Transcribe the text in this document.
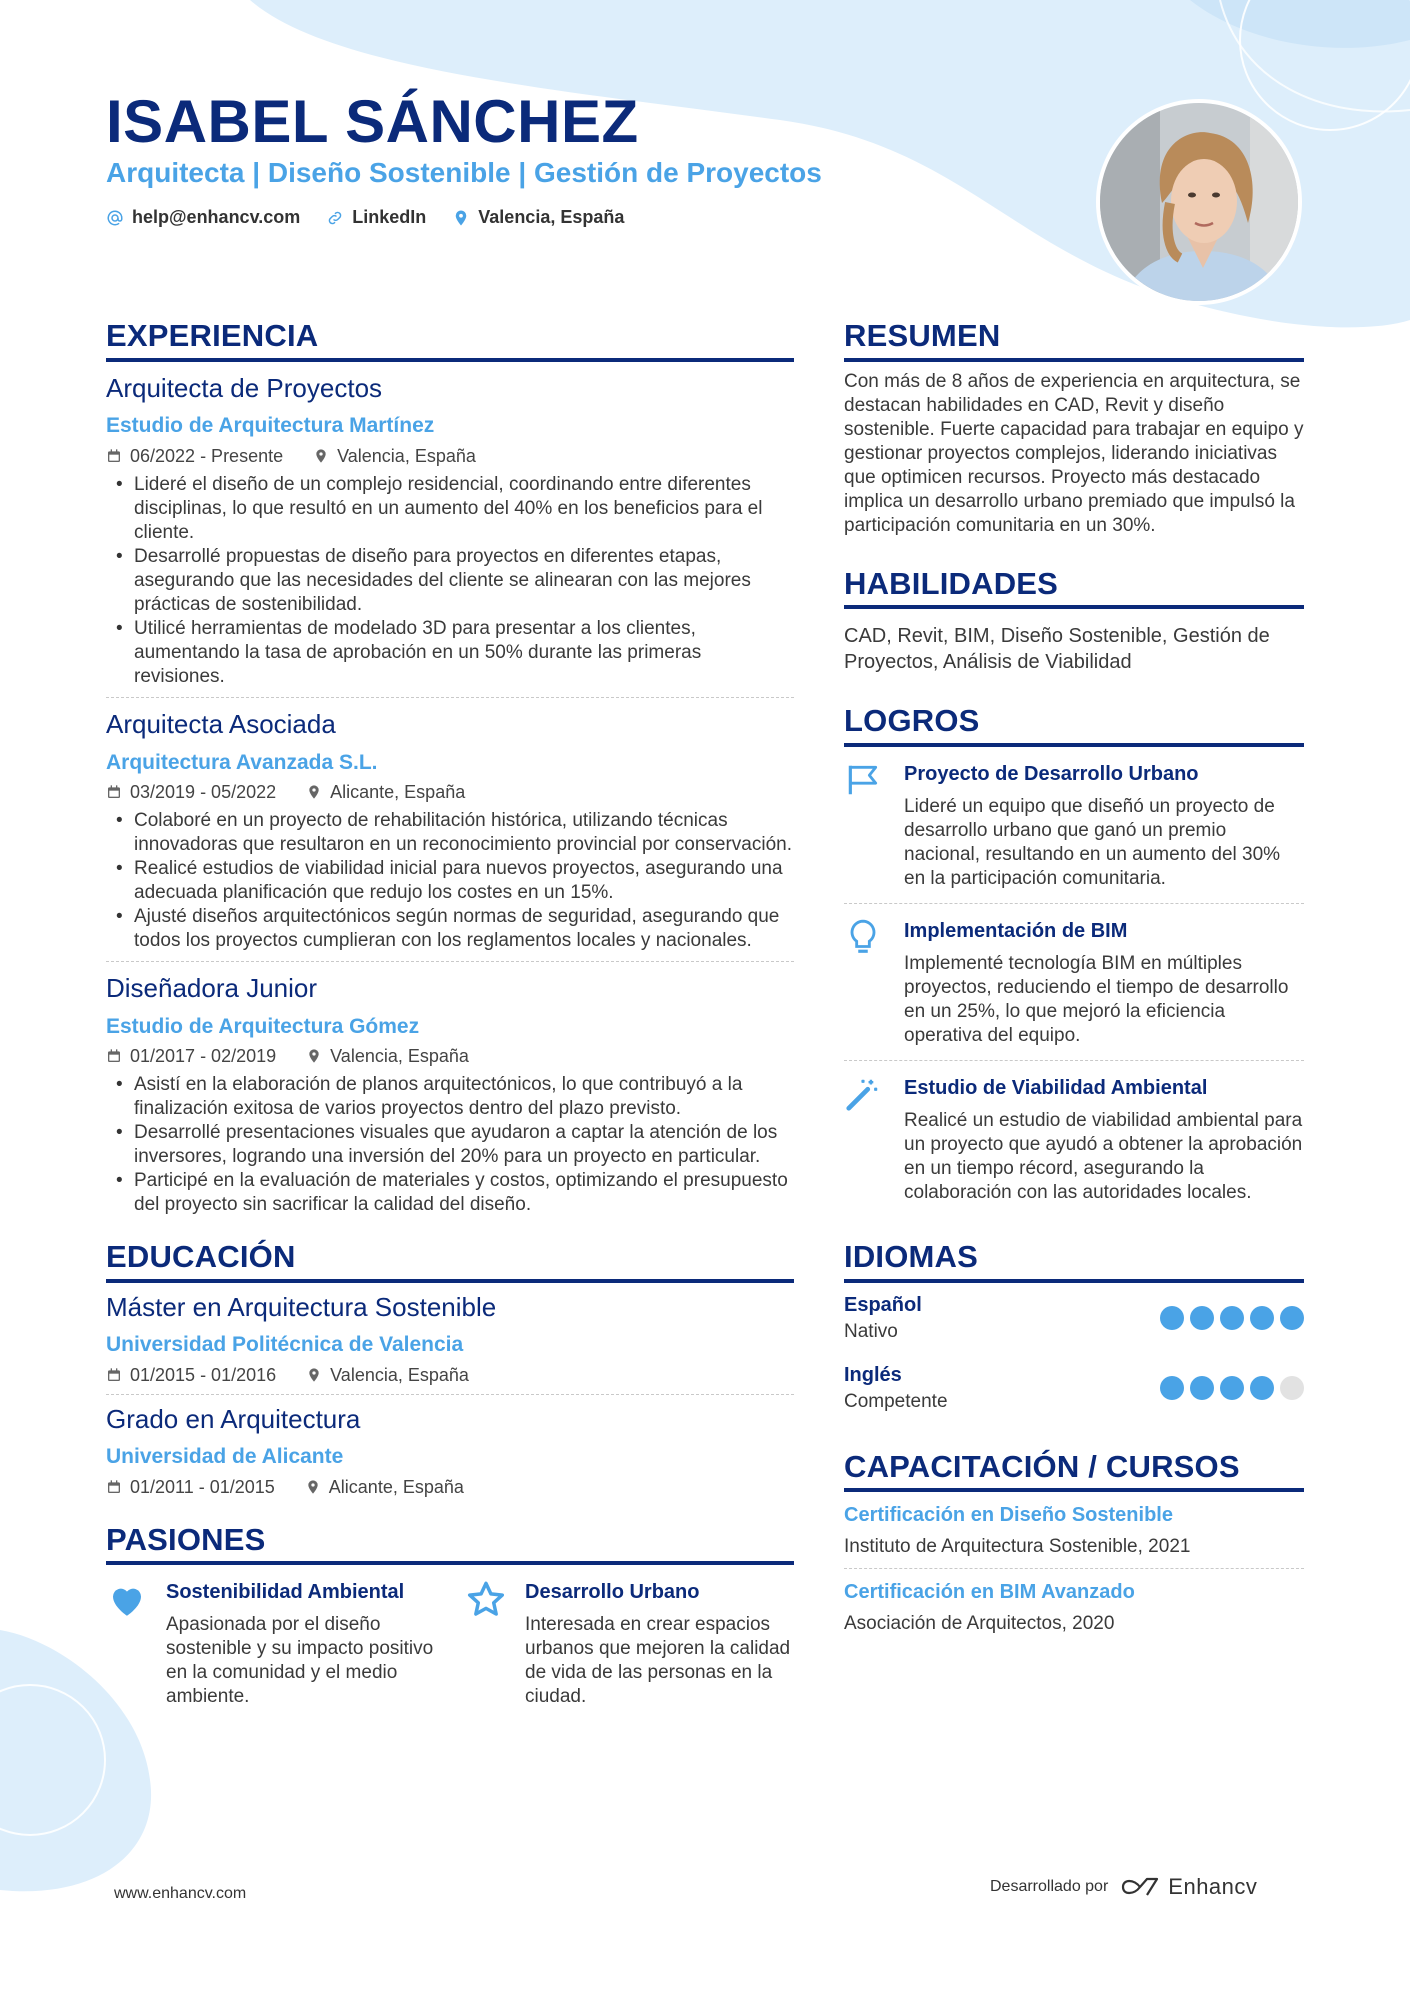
ISABEL SÁNCHEZ
Arquitecta | Diseño Sostenible | Gestión de Proyectos
help@enhancv.com	LinkedIn	Valencia, España
EXPERIENCIA
Arquitecta de Proyectos
Estudio de Arquitectura Martínez
06/2022 - Presente	Valencia, España
• Lideré el diseño de un complejo residencial, coordinando entre diferentes disciplinas, lo que resultó en un aumento del 40% en los beneficios para el cliente.
• Desarrollé propuestas de diseño para proyectos en diferentes etapas, asegurando que las necesidades del cliente se alinearan con las mejores prácticas de sostenibilidad.
• Utilicé herramientas de modelado 3D para presentar a los clientes, aumentando la tasa de aprobación en un 50% durante las primeras revisiones.
Arquitecta Asociada
Arquitectura Avanzada S.L.
03/2019 - 05/2022	Alicante, España
• Colaboré en un proyecto de rehabilitación histórica, utilizando técnicas innovadoras que resultaron en un reconocimiento provincial por conservación.
• Realicé estudios de viabilidad inicial para nuevos proyectos, asegurando una adecuada planificación que redujo los costes en un 15%.
• Ajusté diseños arquitectónicos según normas de seguridad, asegurando que todos los proyectos cumplieran con los reglamentos locales y nacionales.
Diseñadora Junior
Estudio de Arquitectura Gómez
01/2017 - 02/2019	Valencia, España
• Asistí en la elaboración de planos arquitectónicos, lo que contribuyó a la finalización exitosa de varios proyectos dentro del plazo previsto.
• Desarrollé presentaciones visuales que ayudaron a captar la atención de los inversores, logrando una inversión del 20% para un proyecto en particular.
• Participé en la evaluación de materiales y costos, optimizando el presupuesto del proyecto sin sacrificar la calidad del diseño.
EDUCACIÓN
Máster en Arquitectura Sostenible
Universidad Politécnica de Valencia
01/2015 - 01/2016	Valencia, España
Grado en Arquitectura
Universidad de Alicante
01/2011 - 01/2015	Alicante, España
PASIONES
Sostenibilidad Ambiental
Apasionada por el diseño sostenible y su impacto positivo en la comunidad y el medio ambiente.
Desarrollo Urbano
Interesada en crear espacios urbanos que mejoren la calidad de vida de las personas en la ciudad.
RESUMEN

Con más de 8 años de experiencia en arquitectura, se destacan habilidades en CAD, Revit y diseño sostenible. Fuerte capacidad para trabajar en equipo y gestionar proyectos complejos, liderando iniciativas que optimicen recursos. Proyecto más destacado implica un desarrollo urbano premiado que impulsó la participación comunitaria en un 30%.

HABILIDADES

CAD, Revit, BIM, Diseño Sostenible, Gestión de Proyectos, Análisis de Viabilidad

LOGROS
Proyecto de Desarrollo Urbano
Lideré un equipo que diseñó un proyecto de desarrollo urbano que ganó un premio nacional, resultando en un aumento del 30% en la participación comunitaria.
Implementación de BIM
Implementé tecnología BIM en múltiples proyectos, reduciendo el tiempo de desarrollo en un 25%, lo que mejoró la eficiencia operativa del equipo.
Estudio de Viabilidad Ambiental
Realicé un estudio de viabilidad ambiental para un proyecto que ayudó a obtener la aprobación en un tiempo récord, asegurando la colaboración con las autoridades locales.
IDIOMAS
Español
Nativo
Inglés
Competente
CAPACITACIÓN / CURSOS
Certificación en Diseño Sostenible
Instituto de Arquitectura Sostenible, 2021
Certificación en BIM Avanzado
Asociación de Arquitectos, 2020
www.enhancv.com	Desarrollado por	Enhancv
